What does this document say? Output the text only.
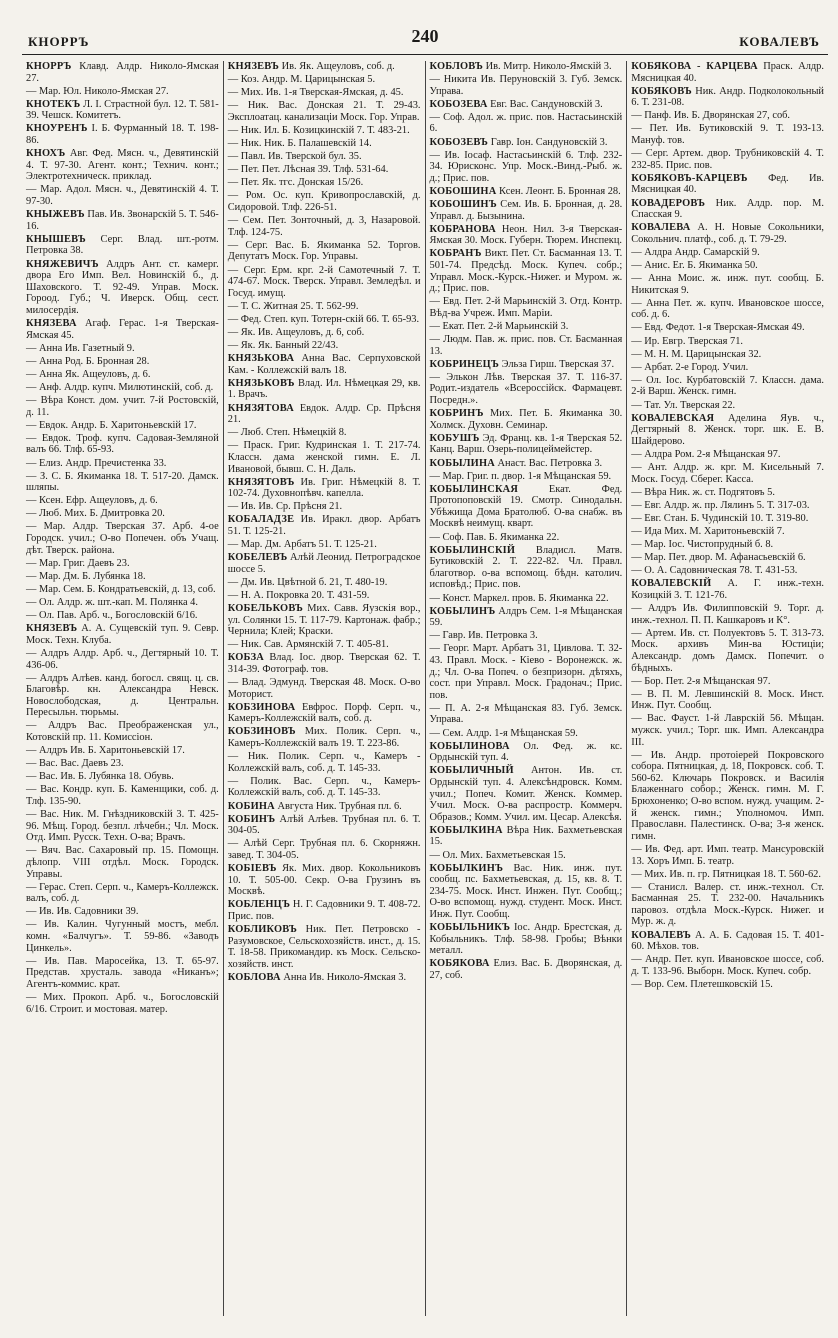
КНОРРЪ	240	КОВАЛЕВЪ
КНОРРЪ Клавд. Алдр. Николо-Ямская 27.
— Мар. Юл. Николо-Ямская 27.
КНОТЕКЪ Л. І. Страстной бул. 12. Т. 581-39. Чешск. Комитетъ.
КНОУРЕНЪ І. Б. Фурманный 18. Т. 198-86.
КНОХЪ Авг. Фед. Мясн. ч., Девятинскій 4. Т. 97-30. Агент. конт.; Технич. конт.; Электротехническ. приклад.
— Мар. Адол. Мясн. ч., Девятинскій 4. Т. 97-30.
КНЫЖЕВЪ Пав. Ив. Звонарскій 5. Т. 546-16.
КНЫШЕВЪ Серг. Влад. шт.-ротм. Петровка 38.
КНЯЖЕВИЧЪ Алдръ Ант. ст. камерг. двора Его Имп. Вел. Новинскій б., д. Шаховского. Т. 92-49. Управ. Моск. Гороод. Губ.; Ч. Иверск. Общ. сест. милосердія.
КНЯЗЕВА Агаф. Герас. 1-я Тверская-Ямская 45.
— Анна Ив. Газетный 9.
— Анна Род. Б. Бронная 28.
— Анна Як. Ащеуловъ, д. 6.
— Анф. Алдр. купч. Милютинскій, соб. д.
— Вѣра Конст. дом. учит. 7-й Ростовскій, д. 11.
— Евдок. Андр. Б. Харитоньевскій 17.
— Евдок. Троф. купч. Садовая-Земляной валъ 66. Тлф. 65-93.
— Елиз. Андр. Пречистенка 33.
— З. С. Б. Якиманка 18. Т. 517-20. Дамск. шляпы.
— Ксен. Ефр. Ащеуловъ, д. 6.
— Люб. Мих. Б. Дмитровка 20.
— Мар. Алдр. Тверская 37. Арб. 4-ое Городск. учил.; О-во Попечен. объ Учащ. дѣт. Тверск. района.
— Мар. Григ. Даевъ 23.
— Мар. Дм. Б. Лубянка 18.
— Мар. Сем. Б. Кондратьевскій, д. 13, соб.
— Ол. Алдр. ж. шт.-кап. М. Полянка 4.
— Ол. Пав. Арб. ч., Богословскій 6/16.
КНЯЗЕВЪ А. А. Сущевскій туп. 9. Севр. Моск. Техн. Клуба.
— Алдръ Алдр. Арб. ч., Дегтярный 10. Т. 436-06.
— Алдръ Алѣев. канд. богосл. свящ. ц. св. Благовѣр. кн. Александра Невск. Новослободская, д. Центральн. Пересыльн. тюрьмы.
— Алдръ Вас. Преображенская ул., Котовскій пр. 11. Комиссіон.
— Алдръ Ив. Б. Харитоньевскій 17.
— Вас. Вас. Даевъ 23.
— Вас. Ив. Б. Лубянка 18. Обувь.
— Вас. Кондр. куп. Б. Каменщики, соб. д. Тлф. 135-90.
— Вас. Ник. М. Гнѣздниковскій 3. Т. 425-96. Мѣщ. Город. безпл. лѣчебн.; Чл. Моск. Отд. Имп. Русск. Техн. О-ва; Врачъ.
— Вяч. Вас. Сахаровый пр. 15. Помощн. дѣлопр. VIII отдѣл. Моск. Городск. Управы.
— Герас. Степ. Серп. ч., Камеръ-Коллежск. валъ, соб. д.
— Ив. Ив. Садовники 39.
— Ив. Калин. Чугунный мостъ, мебл. комн. «Балчугъ». Т. 59-86. «Заводъ Цинкель».
— Ив. Пав. Маросейка, 13. Т. 65-97. Представ. хрусталь. завода «Никанъ»; Агентъ-коммис. крат.
— Мих. Прокоп. Арб. ч., Богословскій 6/16. Строит. и мостовая. матер.
КНЯЗЕВЪ Ив. Як. Ащеуловъ, соб. д.
— Коз. Андр. М. Царицынская 5.
— Мих. Ив. 1-я Тверская-Ямская, д. 45.
— Ник. Вас. Донская 21. Т. 29-43. Эксплоатац. канализаціи Моск. Гор. Управ.
— Ник. Ил. Б. Козицкинскій 7. Т. 483-21.
— Ник. Ник. Б. Палашевскій 14.
— Павл. Ив. Тверской бул. 35.
— Пет. Пет. Лѣсная 39. Тлф. 531-64.
— Пет. Як. тгс. Донская 15/26.
— Ром. Ос. куп. Кривопрославскій, д. Сидоровой. Тлф. 226-51.
— Сем. Пет. Зонточный, д. 3, Назаровой. Тлф. 124-75.
— Серг. Вас. Б. Якиманка 52. Торгов. Депутатъ Моск. Гор. Управы.
— Серг. Ерм. крг. 2-й Самотечный 7. Т. 474-67. Моск. Тверск. Управл. Земледѣл. и Госуд. имущ.
— Т. С. Житная 25. Т. 562-99.
— Фед. Степ. куп. Тотерн-скій 66. Т. 65-93.
— Як. Ив. Ащеуловъ, д. 6, соб.
— Як. Як. Банный 22/43.
КНЯЗЬКОВА Анна Вас. Серпуховской Кам. - Коллежскій валъ 18.
КНЯЗЬКОВЪ Влад. Ил. Нѣмецкая 29, кв. 1. Врачъ.
КНЯЗЯТОВА Евдок. Алдр. Ср. Прѣсня 21.
— Люб. Степ. Нѣмецкій 8.
— Праск. Григ. Кудринская 1. Т. 217-74. Классн. дама женской гимн. Е. Л. Ивановой, бывш. С. Н. Даль.
КНЯЗЯТОВЪ Ив. Григ. Нѣмецкій 8. Т. 102-74. Духовнопѣвч. капелла.
— Ив. Ив. Ср. Прѣсня 21.
КОБАЛАДЗЕ Ив. Иракл. двор. Арбатъ 51. Т. 125-21.
— Мар. Дм. Арбатъ 51. Т. 125-21.
КОБЕЛЕВЪ Алѣй Леонид. Петроградское шоссе 5.
— Дм. Ив. Цвѣтной б. 21, Т. 480-19.
— Н. А. Покровка 20. Т. 431-59.
КОБЕЛЬКОВЪ Мих. Савв. Яузскія вор., ул. Солянки 15. Т. 117-79. Картонаж. фабр.; Чернила; Клей; Краски.
— Ник. Сав. Армянскій 7. Т. 405-81.
КОБЗА Влад. Іос. двор. Тверская 62. Т. 314-39. Фотограф. тов.
— Влад. Эдмунд. Тверская 48. Моск. О-во Моторист.
КОБЗИНОВА Евфрос. Порф. Серп. ч., Камеръ-Коллежскій валъ, соб. д.
КОБЗИНОВЪ Мих. Полик. Серп. ч., Камеръ-Коллежскій валъ 19. Т. 223-86.
— Ник. Полик. Серп. ч., Камеръ - Коллежскій валъ, соб. д. Т. 145-33.
— Полик. Вас. Серп. ч., Камеръ-Коллежскій валъ, соб. д. Т. 145-33.
КОБИНА Августа Ник. Трубная пл. 6.
КОБИНЪ Алѣй Алѣев. Трубная пл. 6. Т. 304-05.
— Алѣй Серг. Трубная пл. 6. Скорняжн. завед. Т. 304-05.
КОБІЕВЪ Як. Мих. двор. Кокольниковъ 10. Т. 505-00. Секр. О-ва Грузинъ въ Москвѣ.
КОБЛЕНЦЪ Н. Г. Садовники 9. Т. 408-72. Прис. пов.
КОБЛИКОВЪ Ник. Пет. Петровско - Разумовское, Сельскохозяйств. инст., д. 15. Т. 18-58. Прикомандир. къ Моск. Сельско-хозяйств. инст.
КОБЛОВА Анна Ив. Николо-Ямская 3.
КОБЛОВЪ Ив. Митр. Николо-Ямскій 3.
— Никита Ив. Перуновскій 3. Губ. Земск. Управа.
КОБОЗЕВА Евг. Вас. Сандуновскій 3.
— Соф. Адол. ж. прис. пов. Настасьинскій 6.
КОБОЗЕВЪ Гавр. Іон. Сандуновскій 3.
— Ив. Іосаф. Настасьинскій 6. Тлф. 232-34. Юрисконс. Упр. Моск.-Винд.-Рыб. ж. д.; Прис. пов.
КОБОШИНА Ксен. Леонт. Б. Бронная 28.
КОБОШИНЪ Сем. Ив. Б. Бронная, д. 28. Управл. д. Бызынина.
КОБРАНОВА Неон. Нил. 3-я Тверская-Ямская 30. Моск. Губерн. Тюрем. Инспекц.
КОБРАНЪ Викт. Пет. Ст. Басманная 13. Т. 501-74. Предсѣд. Моск. Купеч. собр.; Управл. Моск.-Курск.-Нижег. и Муром. ж. д.; Прис. пов.
— Евд. Пет. 2-й Марьинскій 3. Отд. Контр. Вѣд-ва Учреж. Имп. Маріи.
— Екат. Пет. 2-й Марьинскій 3.
— Людм. Пав. ж. прис. пов. Ст. Басманная 13.
КОБРИНЕЦЪ Эльза Гирш. Тверская 37.
— Элькон Лѣв. Тверская 37. Т. 116-37. Родит.-издатель «Всероссійск. Фармацевт. Посредн.».
КОБРИНЪ Мих. Пет. Б. Якиманка 30. Холмск. Духовн. Семинар.
КОБУШЪ Эд. Франц. кв. 1-я Тверская 52. Канц. Варш. Озерь-полицеймейстер.
КОБЫЛИНА Анаст. Вас. Петровка 3.
— Мар. Григ. п. двор. 1-я Мѣщанская 59.
КОБЫЛИНСКАЯ Екат. Фед. Протопоповскій 19. Смотр. Синодальн. Убѣжища Дома Братолюб. О-ва снабж. въ Москвѣ неимущ. кварт.
— Соф. Пав. Б. Якиманка 22.
КОБЫЛИНСКІЙ Владисл. Матв. Бутиковскій 2. Т. 222-82. Чл. Правл. благотвор. о-ва вспомощ. бѣдн. католич. исповѣд.; Прис. пов.
— Конст. Маркел. пров. Б. Якиманка 22.
КОБЫЛИНЪ Алдръ Сем. 1-я Мѣщанская 59.
— Гавр. Ив. Петровка 3.
— Георг. Март. Арбатъ 31, Цивлова. Т. 32-43. Правл. Моск. - Кіево - Воронежск. ж. д.; Чл. О-ва Попеч. о безпризорн. дѣтяхъ, сост. при Управл. Моск. Градонач.; Прис. пов.
— П. А. 2-я Мѣщанская 83. Губ. Земск. Управа.
— Сем. Алдр. 1-я Мѣщанская 59.
КОБЫЛИНОВА Ол. Фед. ж. кс. Ордынскій туп. 4.
КОБЫЛИЧНЫЙ Антон. Ив. ст. Ордынскій туп. 4. Алексѣндровск. Комм. учил.; Попеч. Комит. Женск. Коммер. Учил. Моск. О-ва распростр. Коммерч. Образов.; Комм. Учил. им. Цесар. Алексѣя.
КОБЫЛКИНА Вѣра Ник. Бахметьевская 15.
— Ол. Мих. Бахметьевская 15.
КОБЫЛКИНЪ Вас. Ник. инж. пут. сообщ. пс. Бахметьевская, д. 15, кв. 8. Т. 234-75. Моск. Инст. Инжен. Пут. Сообщ.; О-во вспомощ. нужд. студент. Моск. Инст. Инж. Пут. Сообщ.
КОБЫЛЬНИКЪ Іос. Андр. Брестская, д. Кобыльникъ. Тлф. 58-98. Гробы; Вѣнки металл.
КОБЯКОВА Елиз. Вас. Б. Дворянская, д. 27, соб.
КОБЯКОВА - КАРЦЕВА Праск. Алдр. Мясницкая 40.
КОБЯКОВЪ Ник. Андр. Подколокольный 6. Т. 231-08.
— Панф. Ив. Б. Дворянская 27, соб.
— Пет. Ив. Бутиковскій 9. Т. 193-13. Мануф. тов.
— Серг. Артем. двор. Трубниковскій 4. Т. 232-85. Прис. пов.
КОБЯКОВЪ-КАРЦЕВЪ Фед. Ив. Мясницкая 40.
КОВАДЕРОВЪ Ник. Алдр. пор. М. Спасская 9.
КОВАЛЕВА А. Н. Новые Сокольники, Сокольнич. платф., соб. д. Т. 79-29.
— Алдра Андр. Самарскій 9.
— Анис. Ег. Б. Якиманка 50.
— Анна Моис. ж. инж. пут. сообщ. Б. Никитская 9.
— Анна Пет. ж. купч. Ивановское шоссе, соб. д. 6.
— Евд. Федот. 1-я Тверская-Ямская 49.
— Ир. Евгр. Тверская 71.
— М. Н. М. Царицынская 32.
— Арбат. 2-е Город. Учил.
— Ол. Іос. Курбатовскій 7. Классн. дама. 2-й Варш. Женск. гимн.
— Тат. Ул. Тверская 22.
КОВАЛЕВСКАЯ Аделина Яув. ч., Дегтярный 8. Женск. торг. шк. Е. В. Шайдерово.
— Алдра Ром. 2-я Мѣщанская 97.
— Ант. Алдр. ж. крг. М. Кисельный 7. Моск. Госуд. Сберег. Касса.
— Вѣра Ник. ж. ст. Подгятовъ 5.
— Евг. Алдр. ж. пр. Лялинъ 5. Т. 317-03.
— Евг. Стан. Б. Чудинскій 10. Т. 319-80.
— Ида Мих. М. Харитоньевскій 7.
— Мар. Іос. Чистопрудный б. 8.
— Мар. Пет. двор. М. Афанасьевскій 6.
— О. А. Садовническая 78. Т. 431-53.
КОВАЛЕВСКІЙ А. Г. инж.-техн. Козицкій 3. Т. 121-76.
— Алдръ Ив. Филипповскій 9. Торг. д. инж.-технол. П. П. Кашкаровъ и К°.
— Артем. Ив. ст. Полуектовъ 5. Т. 313-73. Моск. архивъ Мин-ва Юстиціи; Александр. домъ Дамск. Попечит. о бѣдныхъ.
— Бор. Пет. 2-я Мѣщанская 97.
— В. П. М. Левшинскій 8. Моск. Инст. Инж. Пут. Сообщ.
— Вас. Фауст. 1-й Лаврскій 56. Мѣщан. мужск. учил.; Торг. шк. Имп. Александра III.
— Ив. Андр. протоіерей Покровского собора. Пятницкая, д. 18, Покровск. соб. Т. 560-62. Ключарь Покровск. и Василія Блаженнаго собор.; Женск. гимн. М. Г. Брюхоненко; О-во вспом. нужд. учащим. 2-й женск. гимн.; Уполномоч. Имп. Православн. Палестинск. О-ва; 3-я женск. гимн.
— Ив. Фед. арт. Имп. театр. Мансуровскій 13. Хоръ Имп. Б. театр.
— Мих. Ив. п. гр. Пятницкая 18. Т. 560-62.
— Станисл. Валер. ст. инж.-технол. Ст. Басманная 25. Т. 232-00. Начальникъ паровоз. отдѣла Моск.-Курск. Нижег. и Мур. ж. д.
КОВАЛЕВЪ А. А. Б. Садовая 15. Т. 401-60. Мѣхов. тов.
— Андр. Пет. куп. Ивановское шоссе, соб. д. Т. 133-96. Выборн. Моск. Купеч. собр.
— Вор. Сем. Плетешковскій 15.
